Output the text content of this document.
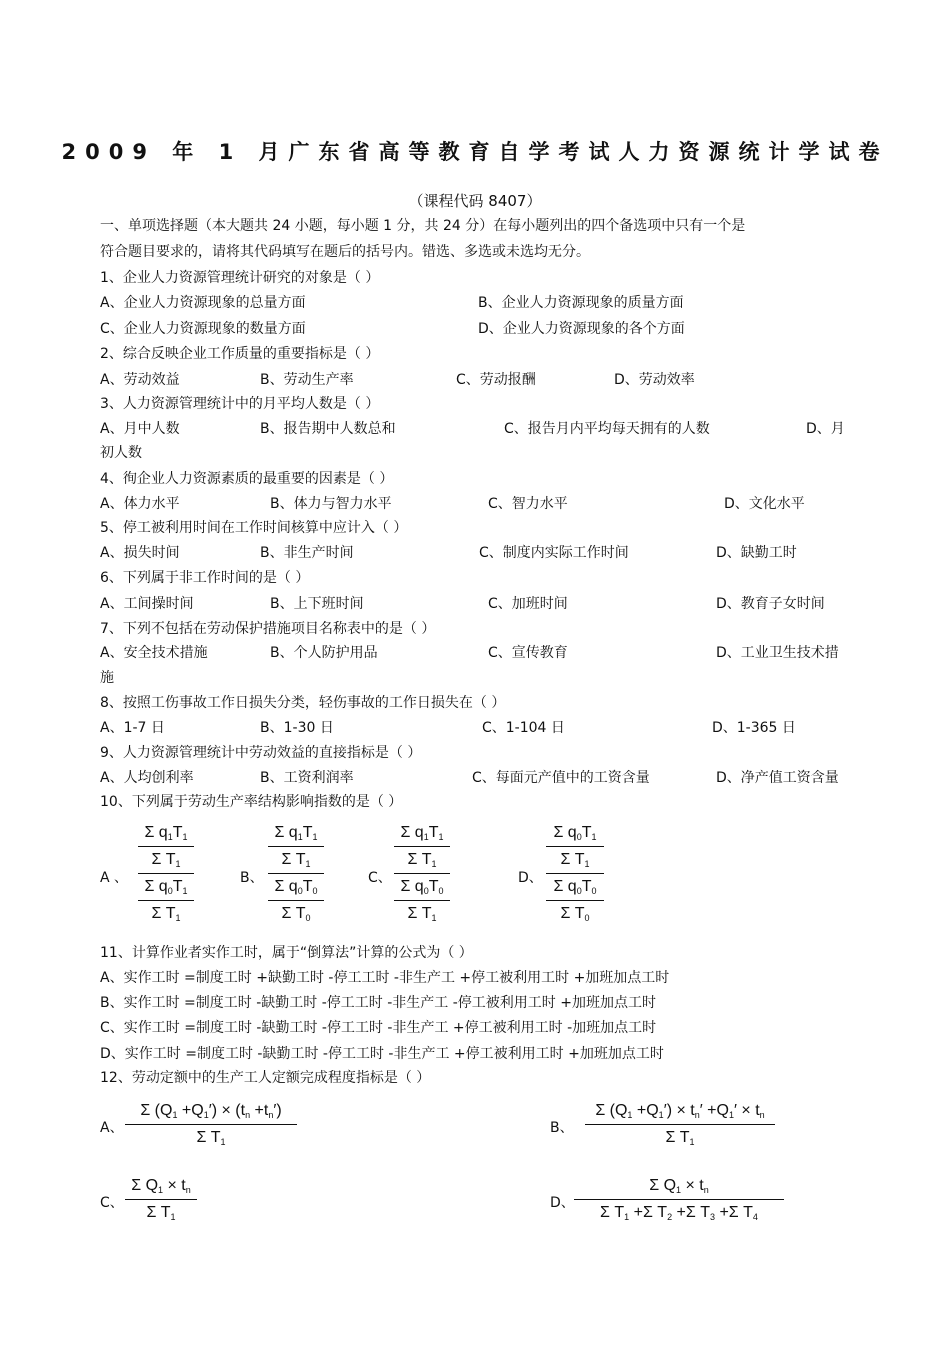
2009 年 1 月广东省高等教育自学考试人力资源统计学试卷
（课程代码 8407）
一、单项选择题（本大题共 24 小题，每小题 1 分，共 24 分）在每小题列出的四个备选项中只有一个是
符合题目要求的，请将其代码填写在题后的括号内。错选、多选或未选均无分。
1、企业人力资源管理统计研究的对象是（ ）
A、企业人力资源现象的总量方面	B、企业人力资源现象的质量方面
C、企业人力资源现象的数量方面	D、企业人力资源现象的各个方面
2、综合反映企业工作质量的重要指标是（ ）
A、劳动效益	B、劳动生产率	C、劳动报酬	D、劳动效率
3、人力资源管理统计中的月平均人数是（ ）
A、月中人数	B、报告期中人数总和	C、报告月内平均每天拥有的人数	D、月
初人数
4、徇企业人力资源素质的最重要的因素是（ ）
A、体力水平	B、体力与智力水平	C、智力水平	D、文化水平
5、停工被利用时间在工作时间核算中应计入（ ）
A、损失时间	B、非生产时间	C、制度内实际工作时间	D、缺勤工时
6、下列属于非工作时间的是（ ）
A、工间操时间	B、上下班时间	C、加班时间	D、教育子女时间
7、下列不包括在劳动保护措施项目名称表中的是（ ）
A、安全技术措施	B、个人防护用品	C、宣传教育	D、工业卫生技术措
施
8、按照工伤事故工作日损失分类，轻伤事故的工作日损失在（ ）
A、1-7 日	B、1-30 日	C、1-104 日	D、1-365 日
9、人力资源管理统计中劳动效益的直接指标是（ ）
A、人均创利率	B、工资利润率	C、每面元产值中的工资含量	D、净产值工资含量
10、下列属于劳动生产率结构影响指数的是（ ）
A 、	B、	C、	D、
Σ $q_1T_1$
Σ $T_1$
Σ $q_0T_1$
Σ $T_1$
Σ $q_1T_1$
Σ $T_1$
Σ $q_0T_0$
Σ $T_0$
Σ $q_1T_1$
Σ $T_1$
Σ $q_0T_0$
Σ $T_1$
Σ $q_0T_1$
Σ $T_1$
Σ $q_0T_0$
Σ $T_0$
11、计算作业者实作工时，属于“倒算法”计算的公式为（ ）
A、实作工时 =制度工时 +缺勤工时 -停工工时 -非生产工 +停工被利用工时 +加班加点工时
B、实作工时 =制度工时 -缺勤工时 -停工工时 -非生产工 -停工被利用工时 +加班加点工时
C、实作工时 =制度工时 -缺勤工时 -停工工时 -非生产工 +停工被利用工时 -加班加点工时
D、实作工时 =制度工时 -缺勤工时 -停工工时 -非生产工 +停工被利用工时 +加班加点工时
12、劳动定额中的生产工人定额完成程度指标是（ ）
A、	B、
C、	D、
Σ $(Q_1 +Q_1') \times (t_n +t_n')$
Σ $T_1$
Σ $(Q_1 +Q_1') \times t_n' +Q_1' \times t_n$
Σ $T_1$
Σ $Q_1 \times t_n$
Σ $T_1$
Σ $Q_1 \times t_n$
Σ $T_1 +\Sigma$ $T_2 +\Sigma$ $T_3 +\Sigma$ $T_4$
